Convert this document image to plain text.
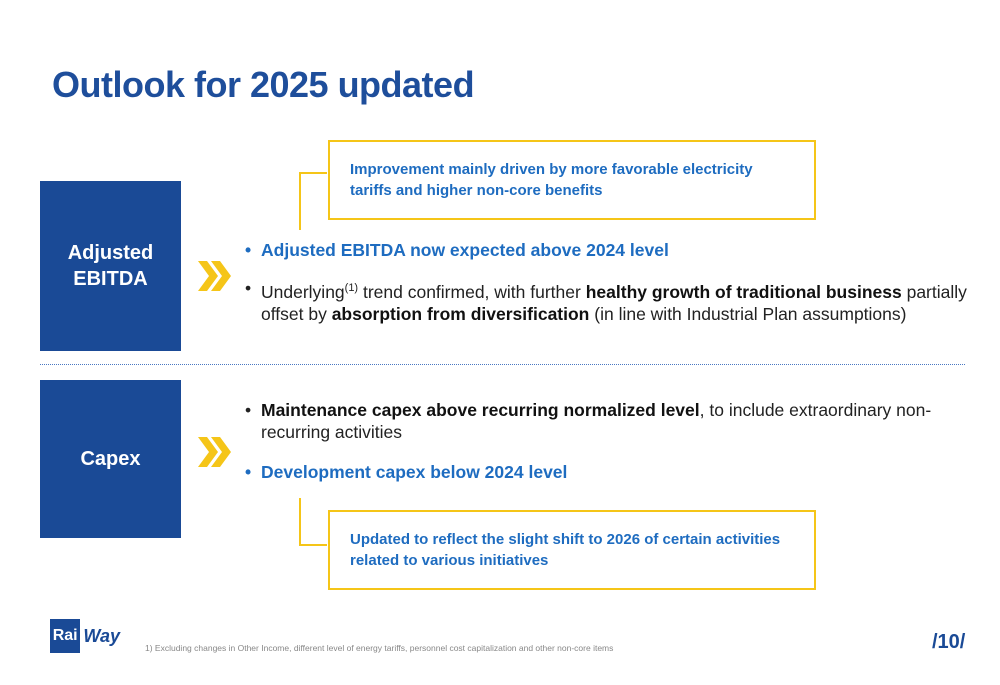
Outlook for 2025 updated
Improvement mainly driven by more favorable electricity tariffs and higher non-core benefits
Adjusted EBITDA
• Adjusted EBITDA now expected above 2024 level
• Underlying$^{(1)}$ trend confirmed, with further healthy growth of traditional business partially offset by absorption from diversification (in line with Industrial Plan assumptions)
Capex
• Maintenance capex above recurring normalized level, to include extraordinary non-recurring activities
• Development capex below 2024 level
Updated to reflect the slight shift to 2026 of certain activities related to various initiatives
Rai Way
1) Excluding changes in Other Income, different level of energy tariffs, personnel cost capitalization and other non-core items	/10/
